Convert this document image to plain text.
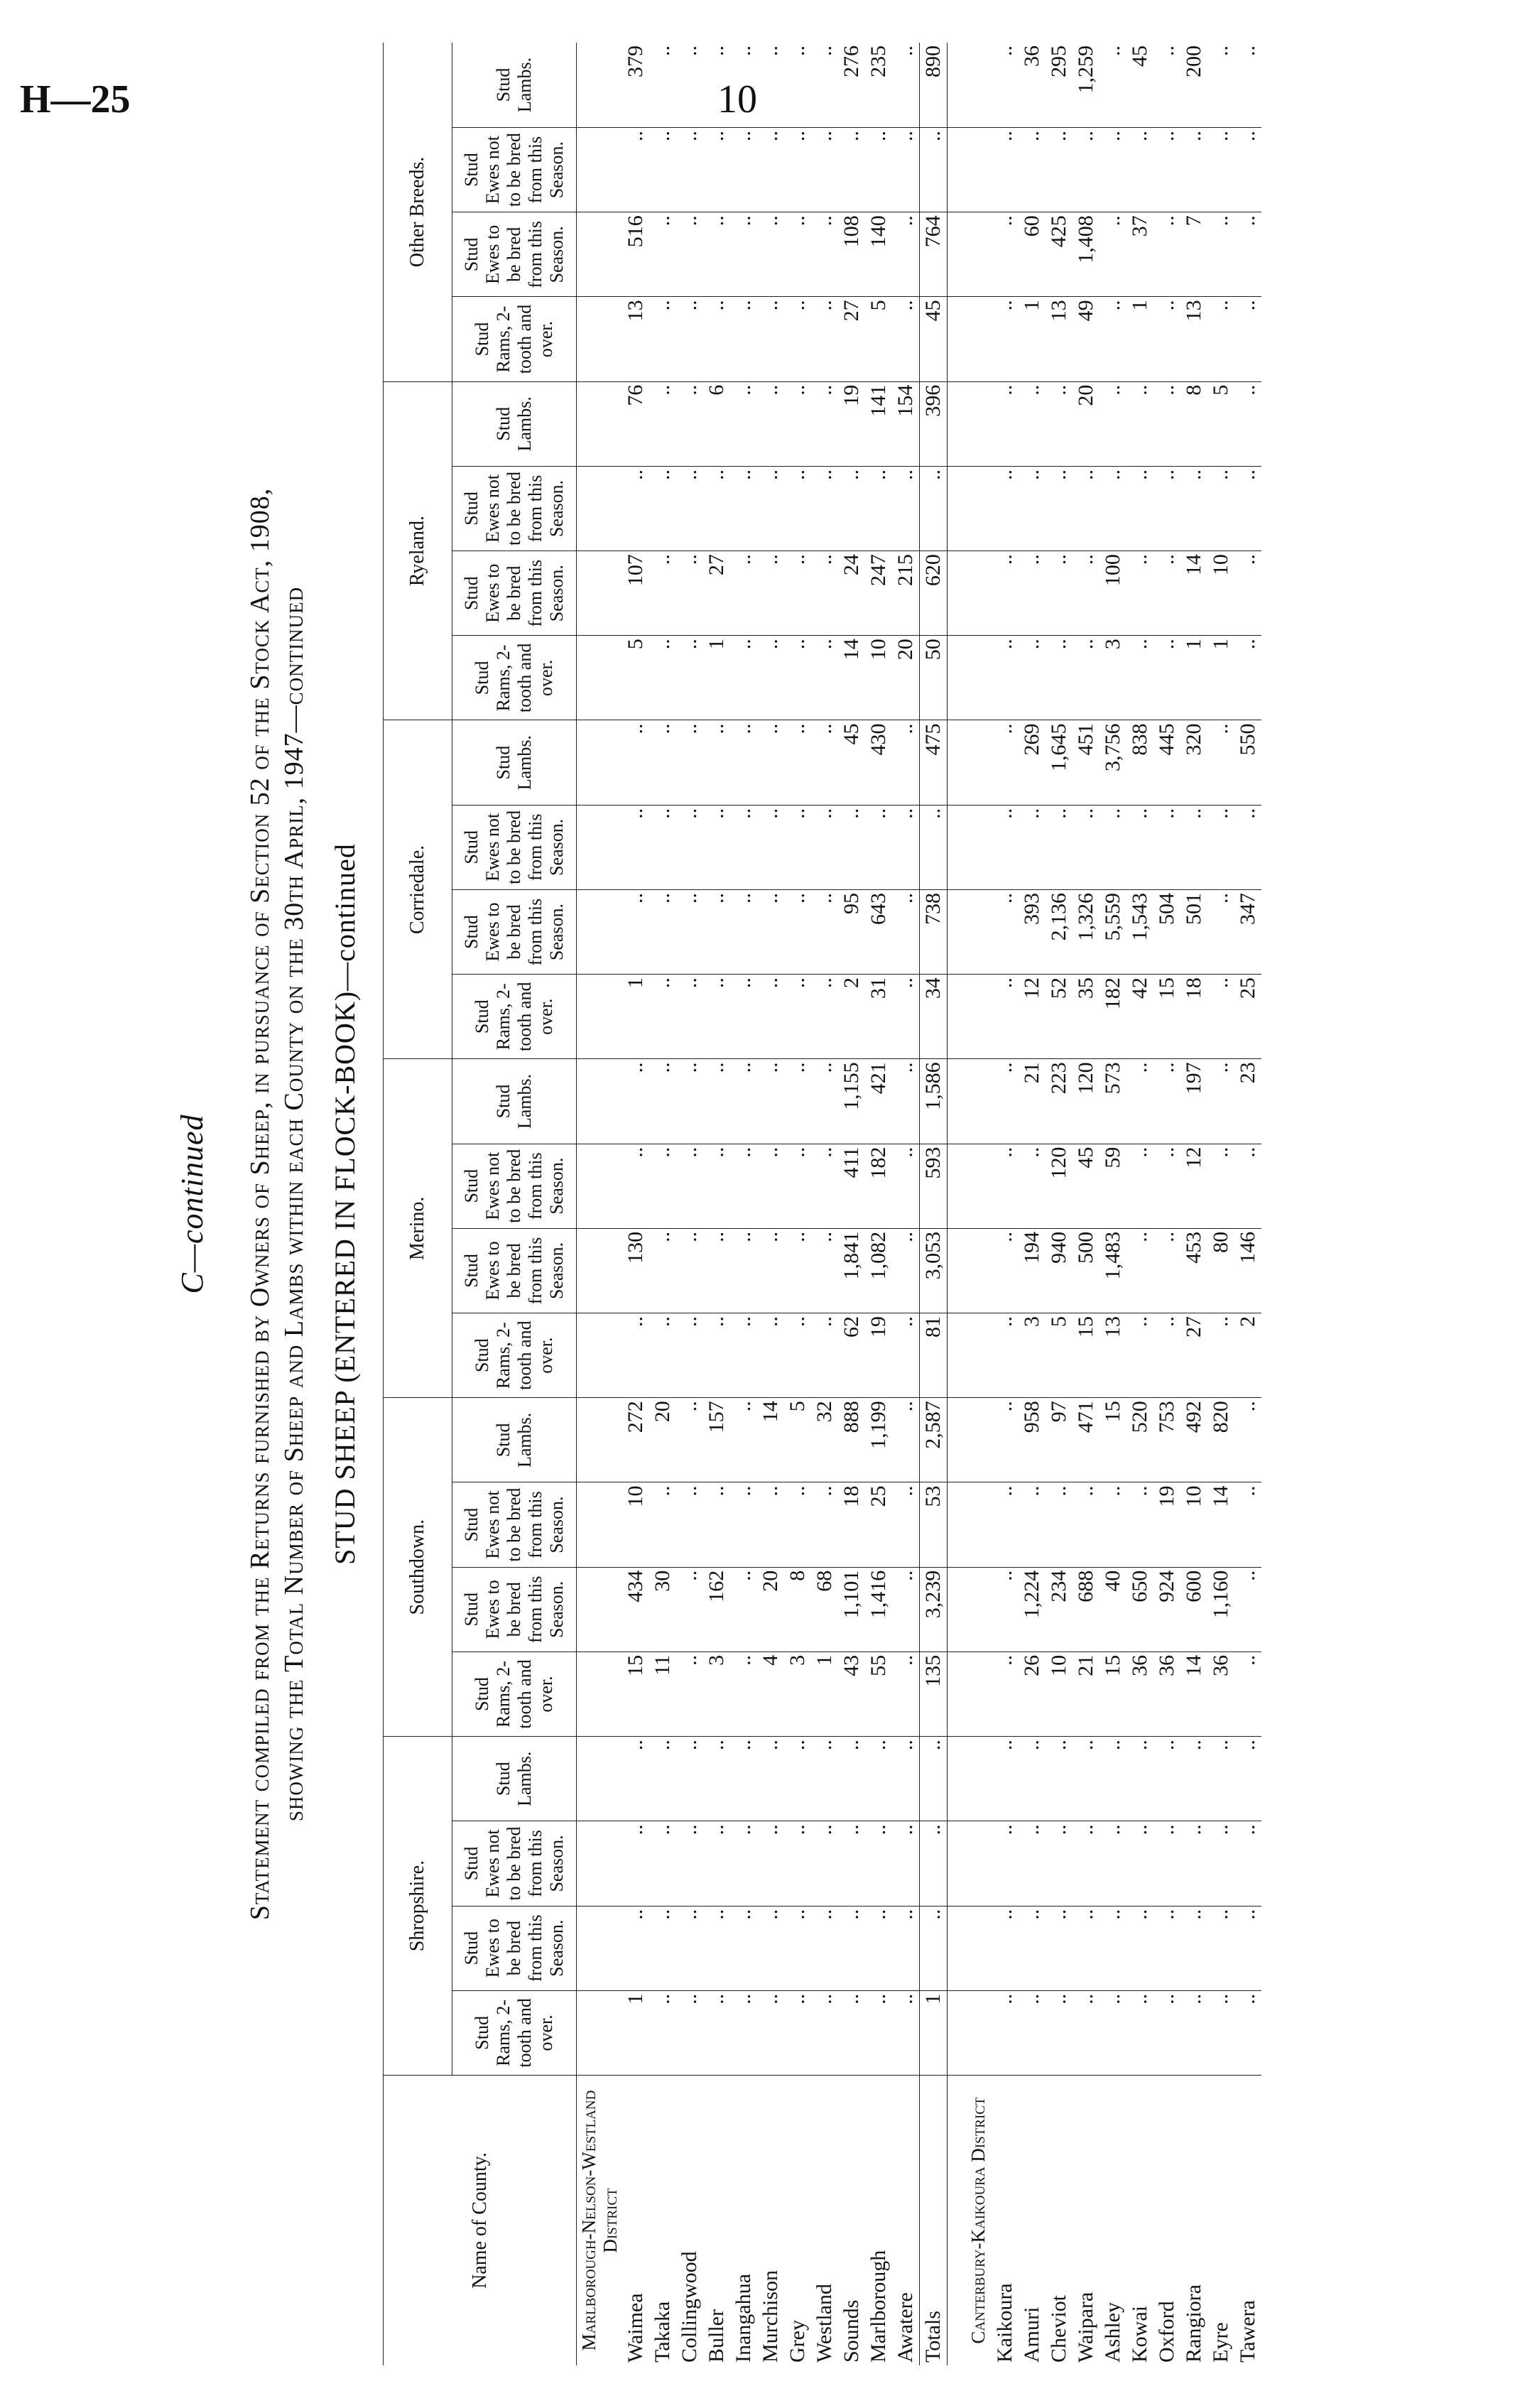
H—25	10
C—continued Statement compiled from the Returns furnished by Owners of Sheep, in pursuance of Section 52 of the Stock Act, 1908, showing the Total Number of Sheep and Lambs within each County on the 30th April, 1947—continued STUD SHEEP (ENTERED IN FLOCK-BOOK)—continued
Name of County.	Shropshire.				Southdown.				Merino.				Corriedale.				Ryeland.				Other Breeds.			
	Stud Rams, 2-tooth and over.	Stud Ewes to be bred from this Season.	Stud Ewes not to be bred from this Season.	Stud Lambs.	Stud Rams, 2-tooth and over.	Stud Ewes to be bred from this Season.	Stud Ewes not to be bred from this Season.	Stud Lambs.	Stud Rams, 2-tooth and over.	Stud Ewes to be bred from this Season.	Stud Ewes not to be bred from this Season.	Stud Lambs.	Stud Rams, 2-tooth and over.	Stud Ewes to be bred from this Season.	Stud Ewes not to be bred from this Season.	Stud Lambs.	Stud Rams, 2-tooth and over.	Stud Ewes to be bred from this Season.	Stud Ewes not to be bred from this Season.	Stud Lambs.	Stud Rams, 2-tooth and over.	Stud Ewes to be bred from this Season.	Stud Ewes not to be bred from this Season.	Stud Lambs.
Marlborough-Nelson-Westland District																								
Waimea	1	..	..	..	15	434	10	272	..	130	..	..	1	..	..	..	5	107	..	76	13	516	..	379
Takaka	..	..	..	..	11	30	..	20	..	..	..	..	..	..	..	..	..	..	..	..	..	..	..	..
Collingwood	..	..	..	..	..	..	..	..	..	..	..	..	..	..	..	..	..	..	..	..	..	..	..	..
Buller	..	..	..	..	3	162	..	157	..	..	..	..	..	..	..	..	1	27	..	6	..	..	..	..
Inangahua	..	..	..	..	..	..	..	..	..	..	..	..	..	..	..	..	..	..	..	..	..	..	..	..
Murchison	..	..	..	..	4	20	..	14	..	..	..	..	..	..	..	..	..	..	..	..	..	..	..	..
Grey	..	..	..	..	3	8	..	5	..	..	..	..	..	..	..	..	..	..	..	..	..	..	..	..
Westland	..	..	..	..	1	68	..	32	..	..	..	..	..	..	..	..	..	..	..	..	..	..	..	..
Sounds	..	..	..	..	43	1,101	18	888	62	1,841	411	1,155	2	95	..	45	14	24	..	19	27	108	..	276
Marlborough	..	..	..	..	55	1,416	25	1,199	19	1,082	182	421	31	643	..	430	10	247	..	141	5	140	..	235
Awatere	..	..	..	..	..	..	..	..	..	..	..	..	..	..	..	..	20	215	..	154	..	..	..	..
Totals	1	..	..	..	135	3,239	53	2,587	81	3,053	593	1,586	34	738	..	475	50	620	..	396	45	764	..	890

Canterbury-Kaikoura District																								
Kaikoura	..	..	..	..	..	..	..	..	..	..	..	..	..	..	..	..	..	..	..	..	..	..	..	..
Amuri	..	..	..	..	26	1,224	..	958	3	194	..	21	12	393	..	269	..	..	..	..	1	60	..	36
Cheviot	..	..	..	..	10	234	..	97	5	940	120	223	52	2,136	..	1,645	..	..	..	..	13	425	..	295
Waipara	..	..	..	..	21	688	..	471	15	500	45	120	35	1,326	..	451	..	..	..	20	49	1,408	..	1,259
Ashley	..	..	..	..	15	40	..	15	13	1,483	59	573	182	5,559	..	3,756	3	100	..	..	..	..	..	..
Kowai	..	..	..	..	36	650	..	520	..	..	..	..	42	1,543	..	838	..	..	..	..	1	37	..	45
Oxford	..	..	..	..	36	924	19	753	..	..	..	..	15	504	..	445	..	..	..	..	..	..	..	..
Rangiora	..	..	..	..	14	600	10	492	27	453	12	197	18	501	..	320	1	14	..	8	13	7	..	200
Eyre	..	..	..	..	36	1,160	14	820	..	80	..	..	..	..	..	..	1	10	..	5	..	..	..	..
Tawera	..	..	..	..	..	..	..	..	2	146	..	23	25	347	..	550	..	..	..	..	..	..	..	..
